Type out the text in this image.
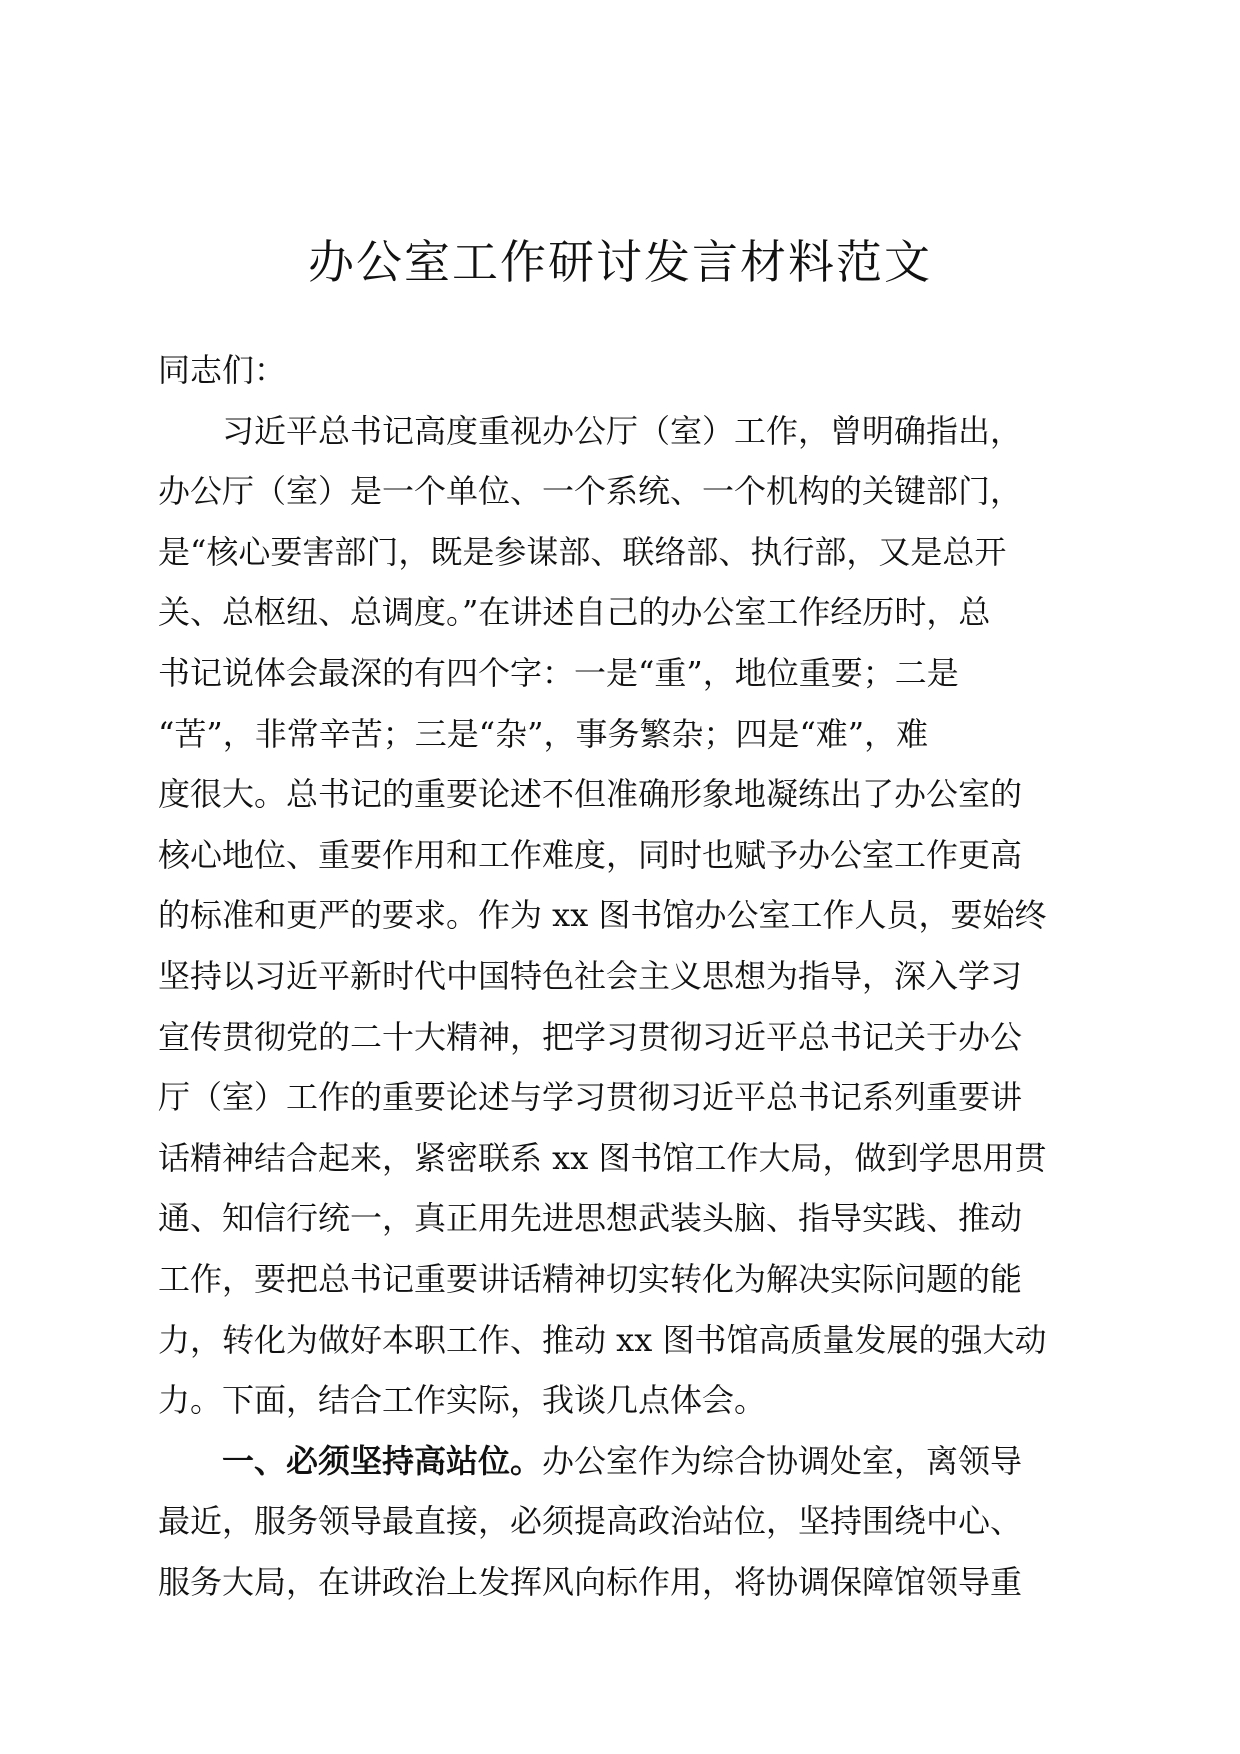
办公室工作研讨发言材料范文
同志们：
　　习近平总书记高度重视办公厅（室）工作，曾明确指出，
办公厅（室）是一个单位、一个系统、一个机构的关键部门，
是“核心要害部门，既是参谋部、联络部、执行部，又是总开
关、总枢纽、总调度。”在讲述自己的办公室工作经历时，总
书记说体会最深的有四个字：一是“重”，地位重要；二是
“苦”，非常辛苦；三是“杂”，事务繁杂；四是“难”，难
度很大。总书记的重要论述不但准确形象地凝练出了办公室的
核心地位、重要作用和工作难度，同时也赋予办公室工作更高
的标准和更严的要求。作为 xx 图书馆办公室工作人员，要始终
坚持以习近平新时代中国特色社会主义思想为指导，深入学习
宣传贯彻党的二十大精神，把学习贯彻习近平总书记关于办公
厅（室）工作的重要论述与学习贯彻习近平总书记系列重要讲
话精神结合起来，紧密联系 xx 图书馆工作大局，做到学思用贯
通、知信行统一，真正用先进思想武装头脑、指导实践、推动
工作，要把总书记重要讲话精神切实转化为解决实际问题的能
力，转化为做好本职工作、推动 xx 图书馆高质量发展的强大动
力。下面，结合工作实际，我谈几点体会。
　　一、必须坚持高站位。办公室作为综合协调处室，离领导
最近，服务领导最直接，必须提高政治站位，坚持围绕中心、
服务大局，在讲政治上发挥风向标作用，将协调保障馆领导重
